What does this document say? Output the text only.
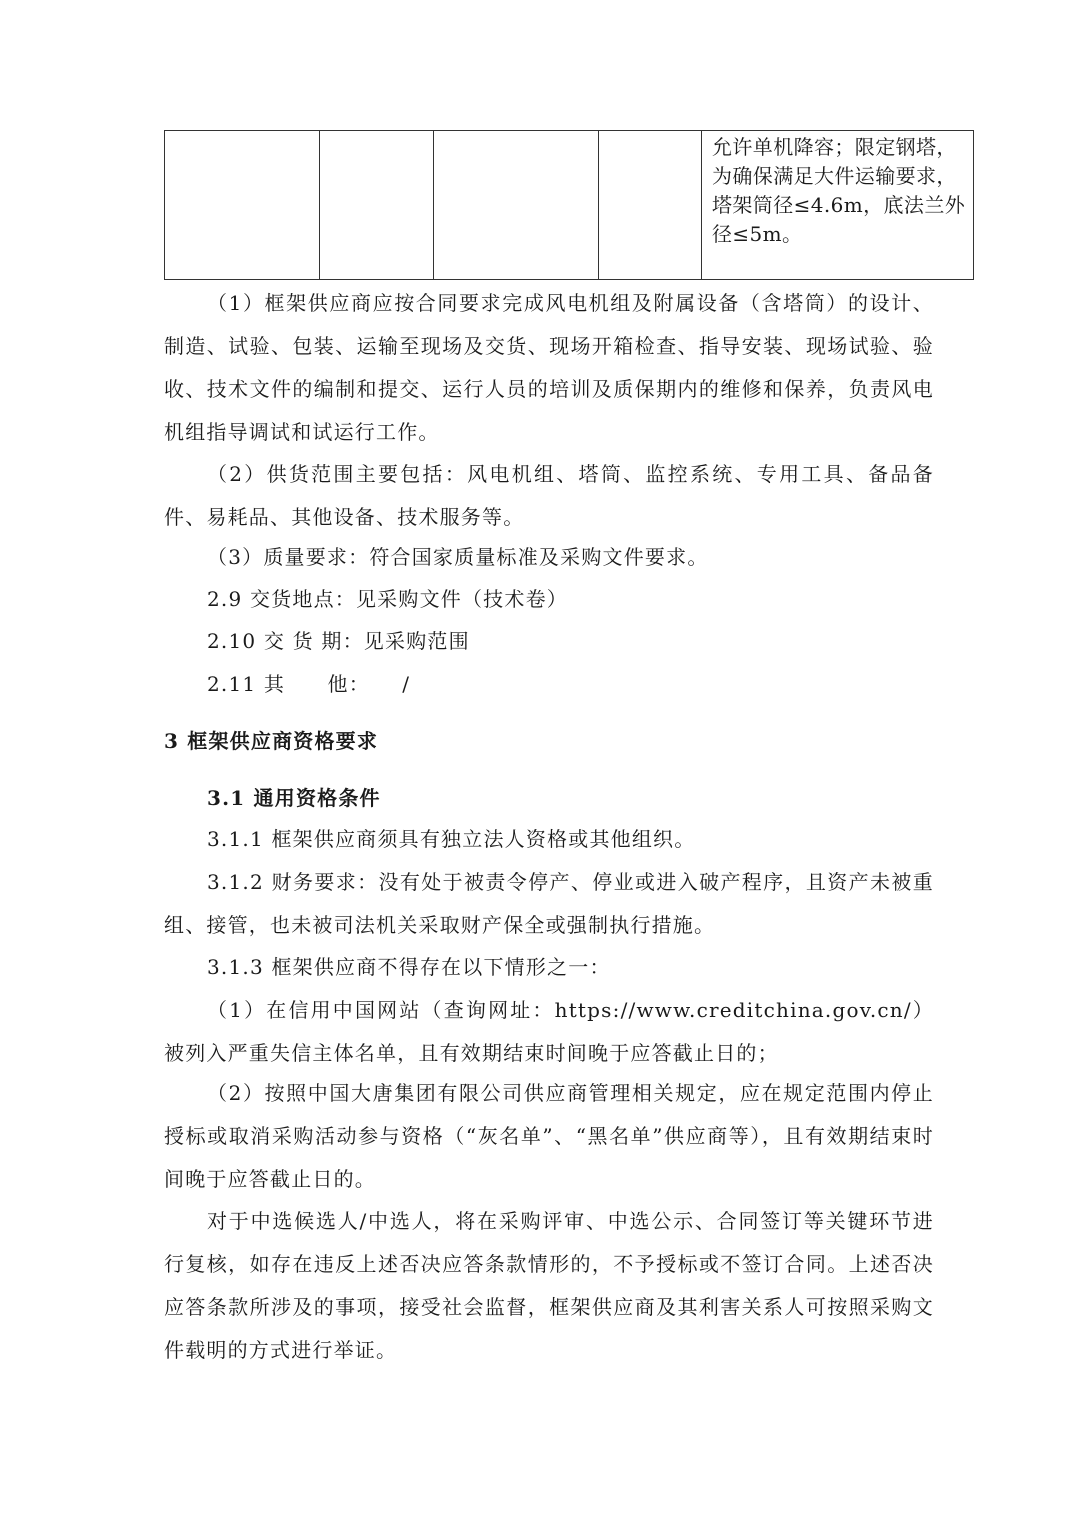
				允许单机降容；限定钢塔，为确保满足大件运输要求，塔架筒径≤4.6m，底法兰外径≤5m。

（1）框架供应商应按合同要求完成风电机组及附属设备（含塔筒）的设计、制造、试验、包装、运输至现场及交货、现场开箱检查、指导安装、现场试验、验收、技术文件的编制和提交、运行人员的培训及质保期内的维修和保养，负责风电机组指导调试和试运行工作。

（2）供货范围主要包括：风电机组、塔筒、监控系统、专用工具、备品备件、易耗品、其他设备、技术服务等。

（3）质量要求：符合国家质量标准及采购文件要求。

2.9 交货地点：见采购文件（技术卷）

2.10 交 货 期：见采购范围

2.11 其　　他：　　/

3 框架供应商资格要求

3.1 通用资格条件

3.1.1 框架供应商须具有独立法人资格或其他组织。

3.1.2 财务要求：没有处于被责令停产、停业或进入破产程序，且资产未被重组、接管，也未被司法机关采取财产保全或强制执行措施。

3.1.3 框架供应商不得存在以下情形之一：

（1）在信用中国网站（查询网址：https://www.creditchina.gov.cn/）被列入严重失信主体名单，且有效期结束时间晚于应答截止日的；

（2）按照中国大唐集团有限公司供应商管理相关规定，应在规定范围内停止授标或取消采购活动参与资格（“灰名单”、“黑名单”供应商等），且有效期结束时间晚于应答截止日的。

对于中选候选人/中选人，将在采购评审、中选公示、合同签订等关键环节进行复核，如存在违反上述否决应答条款情形的，不予授标或不签订合同。上述否决应答条款所涉及的事项，接受社会监督，框架供应商及其利害关系人可按照采购文件载明的方式进行举证。
